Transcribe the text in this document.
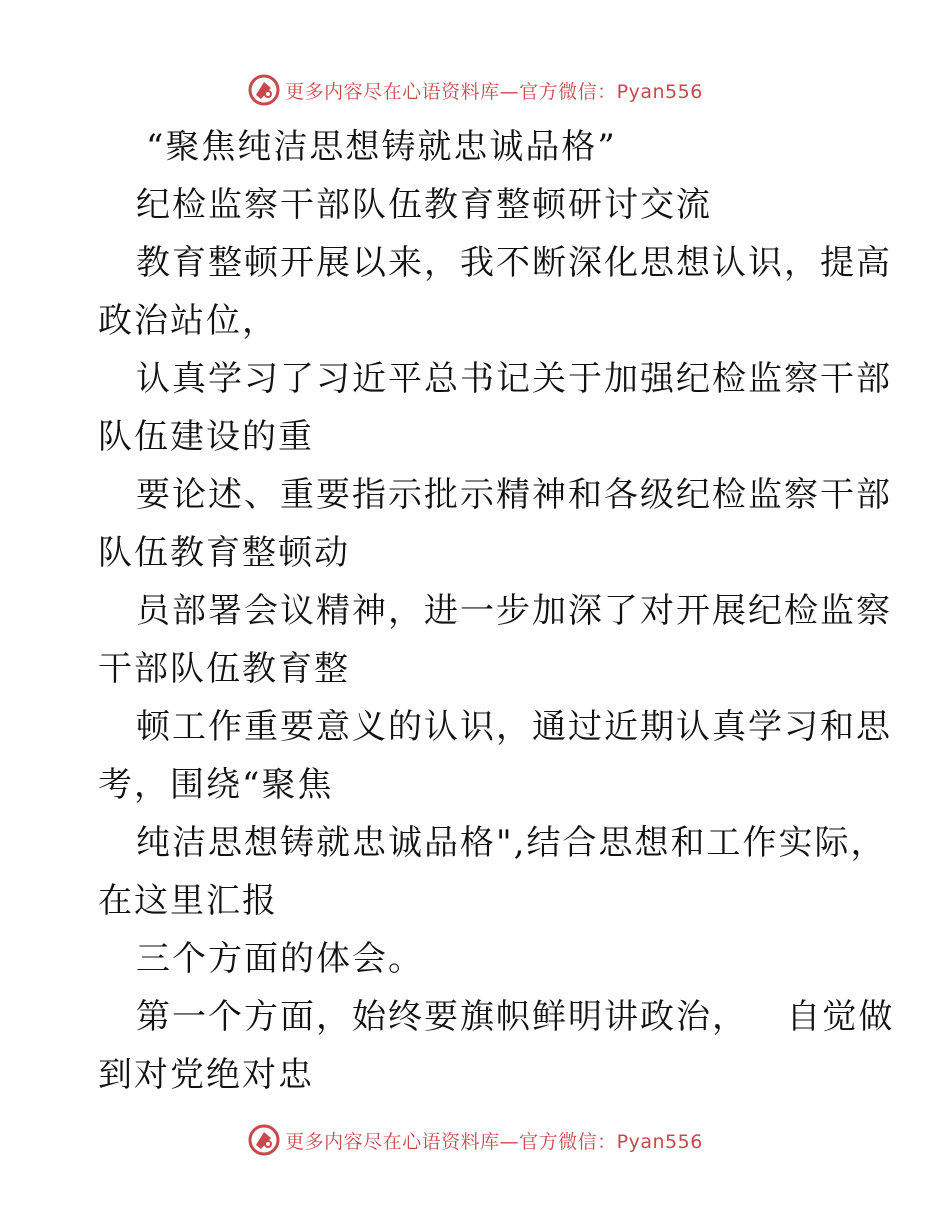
更多内容尽在心语资料库—官方微信：Pyan556
“聚焦纯洁思想铸就忠诚品格”
纪检监察干部队伍教育整顿研讨交流
教育整顿开展以来，我不断深化思想认识，提高
政治站位，
认真学习了习近平总书记关于加强纪检监察干部
队伍建设的重
要论述、重要指示批示精神和各级纪检监察干部
队伍教育整顿动
员部署会议精神，进一步加深了对开展纪检监察
干部队伍教育整
顿工作重要意义的认识，通过近期认真学习和思
考，围绕“聚焦
纯洁思想铸就忠诚品格",结合思想和工作实际，
在这里汇报
三个方面的体会。
第一个方面，始终要旗帜鲜明讲政治，   自觉做
到对党绝对忠
更多内容尽在心语资料库—官方微信：Pyan556
